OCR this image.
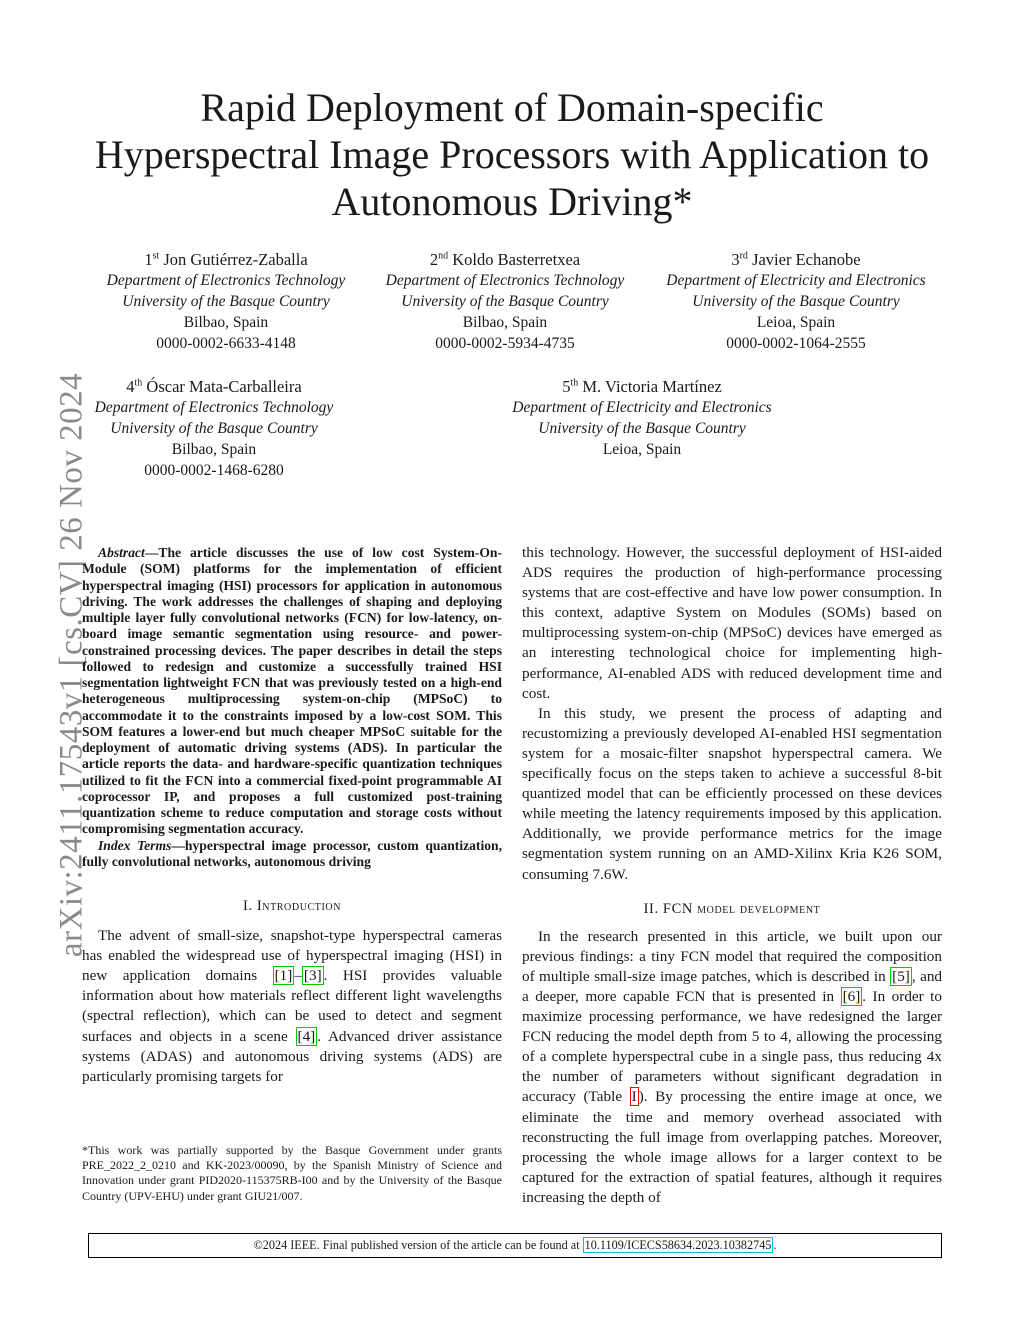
arXiv:2411.17543v1 [cs.CV] 26 Nov 2024
Rapid Deployment of Domain-specific
Hyperspectral Image Processors with Application to
Autonomous Driving*
1st Jon Gutiérrez-Zaballa
Department of Electronics Technology
University of the Basque Country
Bilbao, Spain
0000-0002-6633-4148
2nd Koldo Basterretxea
Department of Electronics Technology
University of the Basque Country
Bilbao, Spain
0000-0002-5934-4735
3rd Javier Echanobe
Department of Electricity and Electronics
University of the Basque Country
Leioa, Spain
0000-0002-1064-2555
4th Óscar Mata-Carballeira
Department of Electronics Technology
University of the Basque Country
Bilbao, Spain
0000-0002-1468-6280
5th M. Victoria Martínez
Department of Electricity and Electronics
University of the Basque Country
Leioa, Spain

Abstract—The article discusses the use of low cost System-On-Module (SOM) platforms for the implementation of efficient hyperspectral imaging (HSI) processors for application in autonomous driving. The work addresses the challenges of shaping and deploying multiple layer fully convolutional networks (FCN) for low-latency, on-board image semantic segmentation using resource- and power-constrained processing devices. The paper describes in detail the steps followed to redesign and customize a successfully trained HSI segmentation lightweight FCN that was previously tested on a high-end heterogeneous multiprocessing system-on-chip (MPSoC) to accommodate it to the constraints imposed by a low-cost SOM. This SOM features a lower-end but much cheaper MPSoC suitable for the deployment of automatic driving systems (ADS). In particular the article reports the data- and hardware-specific quantization techniques utilized to fit the FCN into a commercial fixed-point programmable AI coprocessor IP, and proposes a full customized post-training quantization scheme to reduce computation and storage costs without compromising segmentation accuracy.

Index Terms—hyperspectral image processor, custom quantization, fully convolutional networks, autonomous driving

I. Introduction

The advent of small-size, snapshot-type hyperspectral cameras has enabled the widespread use of hyperspectral imaging (HSI) in new application domains [1] – [3] . HSI provides valuable information about how materials reflect different light wavelengths (spectral reflection), which can be used to detect and segment surfaces and objects in a scene [4] . Advanced driver assistance systems (ADAS) and autonomous driving systems (ADS) are particularly promising targets for

*This work was partially supported by the Basque Government under grants PRE_2022_2_0210 and KK-2023/00090, by the Spanish Ministry of Science and Innovation under grant PID2020-115375RB-I00 and by the University of the Basque Country (UPV-EHU) under grant GIU21/007.

this technology. However, the successful deployment of HSI-aided ADS requires the production of high-performance processing systems that are cost-effective and have low power consumption. In this context, adaptive System on Modules (SOMs) based on multiprocessing system-on-chip (MPSoC) devices have emerged as an interesting technological choice for implementing high-performance, AI-enabled ADS with reduced development time and cost.

In this study, we present the process of adapting and recustomizing a previously developed AI-enabled HSI segmentation system for a mosaic-filter snapshot hyperspectral camera. We specifically focus on the steps taken to achieve a successful 8-bit quantized model that can be efficiently processed on these devices while meeting the latency requirements imposed by this application. Additionally, we provide performance metrics for the image segmentation system running on an AMD-Xilinx Kria K26 SOM, consuming 7.6W.

II. FCN model development

In the research presented in this article, we built upon our previous findings: a tiny FCN model that required the composition of multiple small-size image patches, which is described in [5] , and a deeper, more capable FCN that is presented in [6] . In order to maximize processing performance, we have redesigned the larger FCN reducing the model depth from 5 to 4, allowing the processing of a complete hyperspectral cube in a single pass, thus reducing 4x the number of parameters without significant degradation in accuracy (Table I ). By processing the entire image at once, we eliminate the time and memory overhead associated with reconstructing the full image from overlapping patches. Moreover, processing the whole image allows for a larger context to be captured for the extraction of spatial features, although it requires increasing the depth of

©2024 IEEE. Final published version of the article can be found at 10.1109/ICECS58634.2023.10382745 .
